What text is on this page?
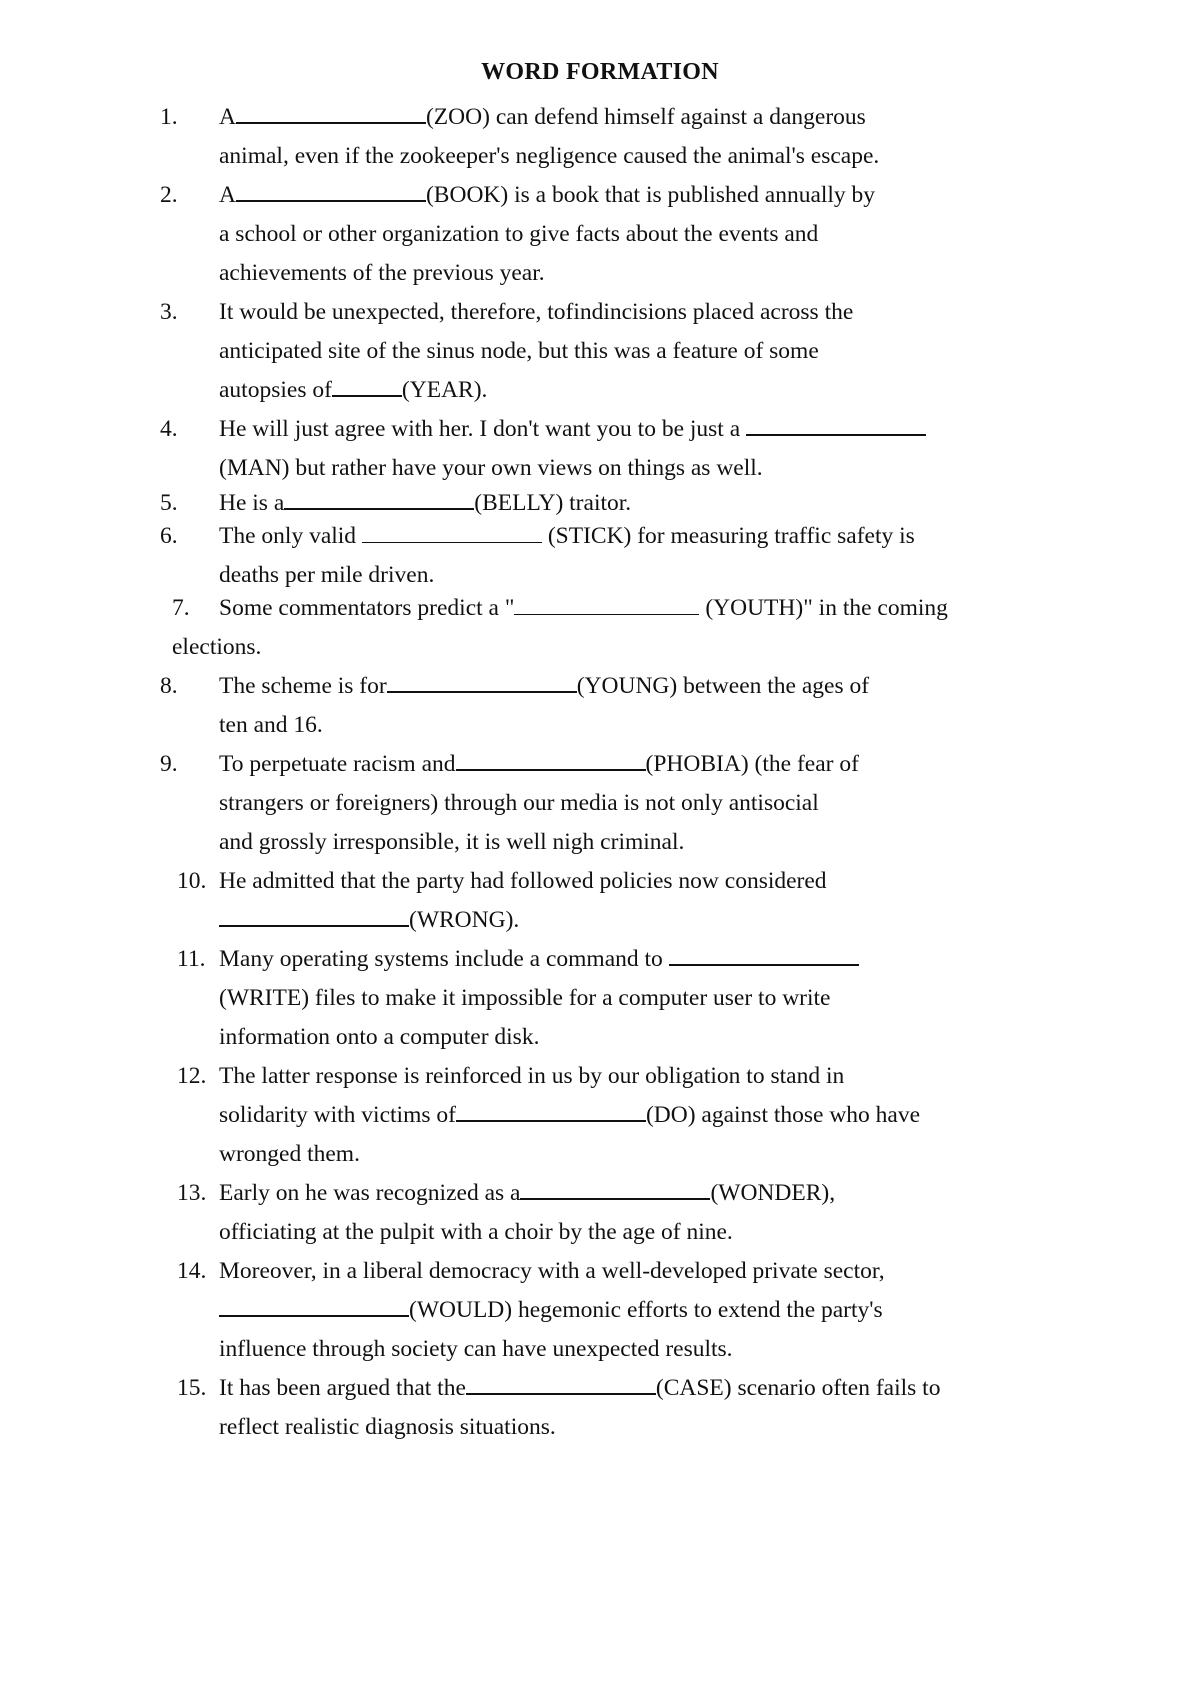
WORD FORMATION
1.	A	(ZOO) can defend himself against a dangerous
animal, even if the zookeeper's negligence caused the animal's escape.
2.	A	(BOOK) is a book that is published annually by
a school or other organization to give facts about the events and
achievements of the previous year.
3.	It would be unexpected, therefore, tofindincisions placed across the
anticipated site of the sinus node, but this was a feature of some
autopsies of	(YEAR).
4.	He will just agree with her. I don't want you to be just a
(MAN) but rather have your own views on things as well.
5.	He is a	(BELLY) traitor.
6.	The only valid	(STICK) for measuring traffic safety is
deaths per mile driven.
7.	Some commentators predict a "	(YOUTH)" in the coming
elections.
8.	The scheme is for	(YOUNG) between the ages of
ten and 16.
9.	To perpetuate racism and	(PHOBIA) (the fear of
strangers or foreigners) through our media is not only antisocial
and grossly irresponsible, it is well nigh criminal.
10. He admitted that the party had followed policies now considered
(WRONG).
11. Many operating systems include a command to
(WRITE) files to make it impossible for a computer user to write
information onto a computer disk.
12. The latter response is reinforced in us by our obligation to stand in
solidarity with victims of	(DO) against those who have
wronged them.
13. Early on he was recognized as a	(WONDER),
officiating at the pulpit with a choir by the age of nine.
14. Moreover, in a liberal democracy with a well-developed private sector,
(WOULD) hegemonic efforts to extend the party's
influence through society can have unexpected results.
15. It has been argued that the	(CASE) scenario often fails to
reflect realistic diagnosis situations.
